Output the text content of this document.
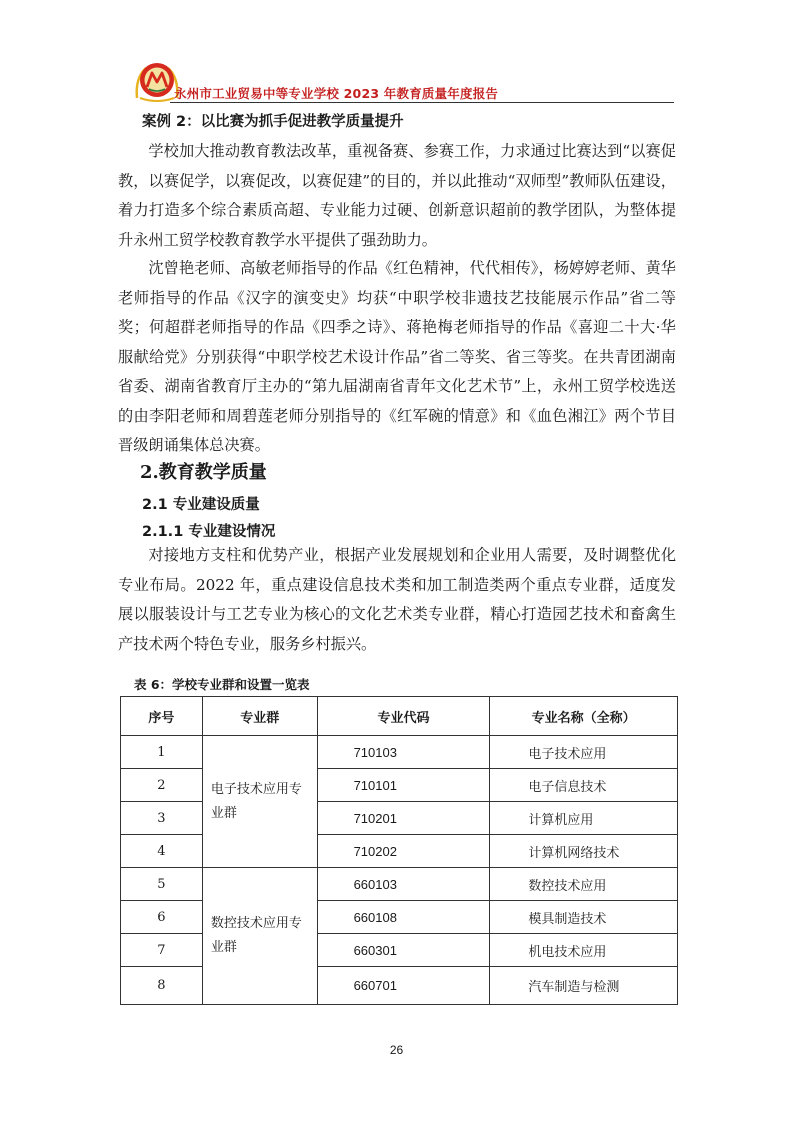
永州市工业贸易中等专业学校 2023 年教育质量年度报告
案例 2：以比赛为抓手促进教学质量提升

学校加大推动教育教法改革，重视备赛、参赛工作，力求通过比赛达到“以赛促教，以赛促学，以赛促改，以赛促建”的目的，并以此推动“双师型”教师队伍建设，着力打造多个综合素质高超、专业能力过硬、创新意识超前的教学团队，为整体提升永州工贸学校教育教学水平提供了强劲助力。

沈曾艳老师、高敏老师指导的作品《红色精神，代代相传》，杨婷婷老师、黄华老师指导的作品《汉字的演变史》均获“中职学校非遗技艺技能展示作品”省二等奖；何超群老师指导的作品《四季之诗》、蒋艳梅老师指导的作品《喜迎二十大·华服献给党》分别获得“中职学校艺术设计作品”省二等奖、省三等奖。在共青团湖南省委、湖南省教育厅主办的“第九届湖南省青年文化艺术节”上，永州工贸学校选送的由李阳老师和周碧莲老师分别指导的《红军碗的情意》和《血色湘江》两个节目晋级朗诵集体总决赛。

2.教育教学质量
2.1 专业建设质量
2.1.1 专业建设情况

对接地方支柱和优势产业，根据产业发展规划和企业用人需要，及时调整优化专业布局。2022 年，重点建设信息技术类和加工制造类两个重点专业群，适度发展以服装设计与工艺专业为核心的文化艺术类专业群，精心打造园艺技术和畜禽生产技术两个特色专业，服务乡村振兴。

表 6：学校专业群和设置一览表
序号	专业群	专业代码	专业名称（全称）
1	电子技术应用专业群	710103	电子技术应用
2		710101	电子信息技术
3		710201	计算机应用
4		710202	计算机网络技术
5	数控技术应用专业群	660103	数控技术应用
6		660108	模具制造技术
7		660301	机电技术应用
8		660701	汽车制造与检测
26
